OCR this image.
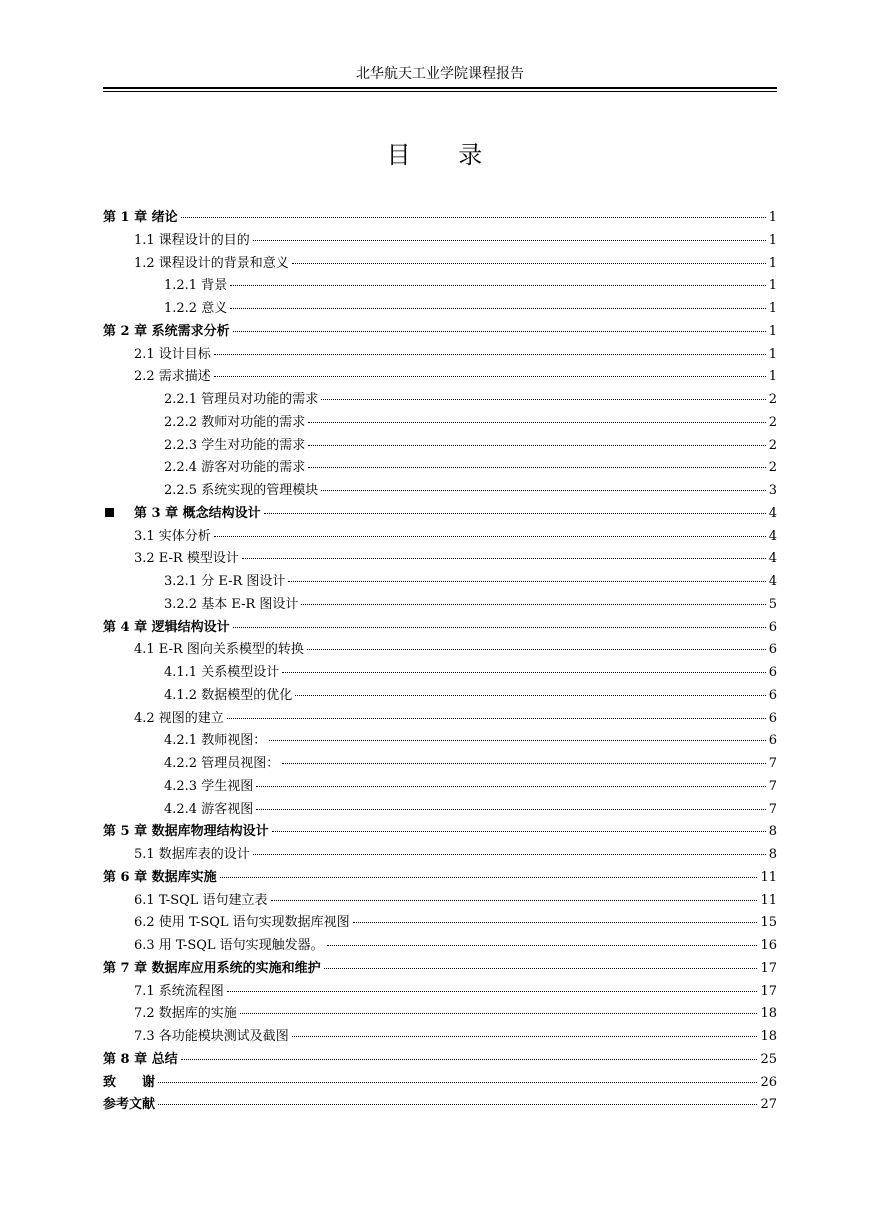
北华航天工业学院课程报告
目 录
第 1 章 绪论	1
1.1 课程设计的目的	1
1.2 课程设计的背景和意义	1
1.2.1 背景	1
1.2.2 意义	1
第 2 章 系统需求分析	1
2.1 设计目标	1
2.2 需求描述	1
2.2.1 管理员对功能的需求	2
2.2.2 教师对功能的需求	2
2.2.3 学生对功能的需求	2
2.2.4 游客对功能的需求	2
2.2.5 系统实现的管理模块	3
第 3 章 概念结构设计	4
3.1 实体分析	4
3.2 E-R 模型设计	4
3.2.1 分 E-R 图设计	4
3.2.2 基本 E-R 图设计	5
第 4 章 逻辑结构设计	6
4.1 E-R 图向关系模型的转换	6
4.1.1 关系模型设计	6
4.1.2 数据模型的优化	6
4.2 视图的建立	6
4.2.1 教师视图：	6
4.2.2 管理员视图：	7
4.2.3 学生视图	7
4.2.4 游客视图	7
第 5 章 数据库物理结构设计	8
5.1 数据库表的设计	8
第 6 章 数据库实施	11
6.1 T-SQL 语句建立表	11
6.2 使用 T-SQL 语句实现数据库视图	15
6.3 用 T-SQL 语句实现触发器。	16
第 7 章 数据库应用系统的实施和维护	17
7.1 系统流程图	17
7.2 数据库的实施	18
7.3 各功能模块测试及截图	18
第 8 章 总结	25
致　　谢	26
参考文献	27
